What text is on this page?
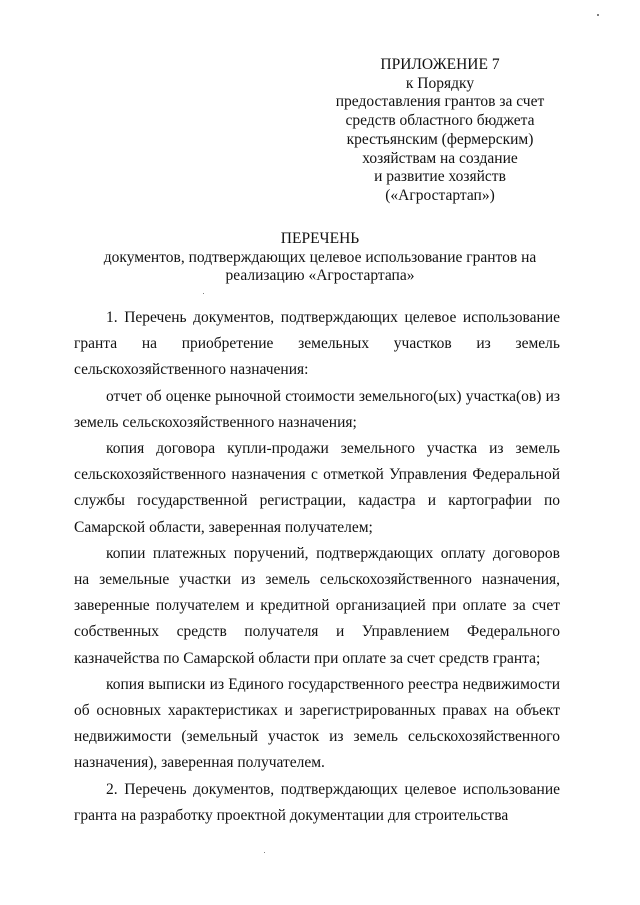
ПРИЛОЖЕНИЕ 7
к Порядку
предоставления грантов за счет
средств областного бюджета
крестьянским (фермерским)
хозяйствам на создание
и развитие хозяйств
(«Агростартап»)
ПЕРЕЧЕНЬ
документов, подтверждающих целевое использование грантов на
реализацию «Агростартапа»

1. Перечень документов, подтверждающих целевое использование гранта на приобретение земельных участков из земель сельскохозяйственного назначения:

отчет об оценке рыночной стоимости земельного(ых) участка(ов) из земель сельскохозяйственного назначения;

копия договора купли-продажи земельного участка из земель сельскохозяйственного назначения с отметкой Управления Федеральной службы государственной регистрации, кадастра и картографии по Самарской области, заверенная получателем;

копии платежных поручений, подтверждающих оплату договоров на земельные участки из земель сельскохозяйственного назначения, заверенные получателем и кредитной организацией при оплате за счет собственных средств получателя и Управлением Федерального казначейства по Самарской области при оплате за счет средств гранта;

копия выписки из Единого государственного реестра недвижимости об основных характеристиках и зарегистрированных правах на объект недвижимости (земельный участок из земель сельскохозяйственного назначения), заверенная получателем.

2. Перечень документов, подтверждающих целевое использование гранта на разработку проектной документации для строительства
